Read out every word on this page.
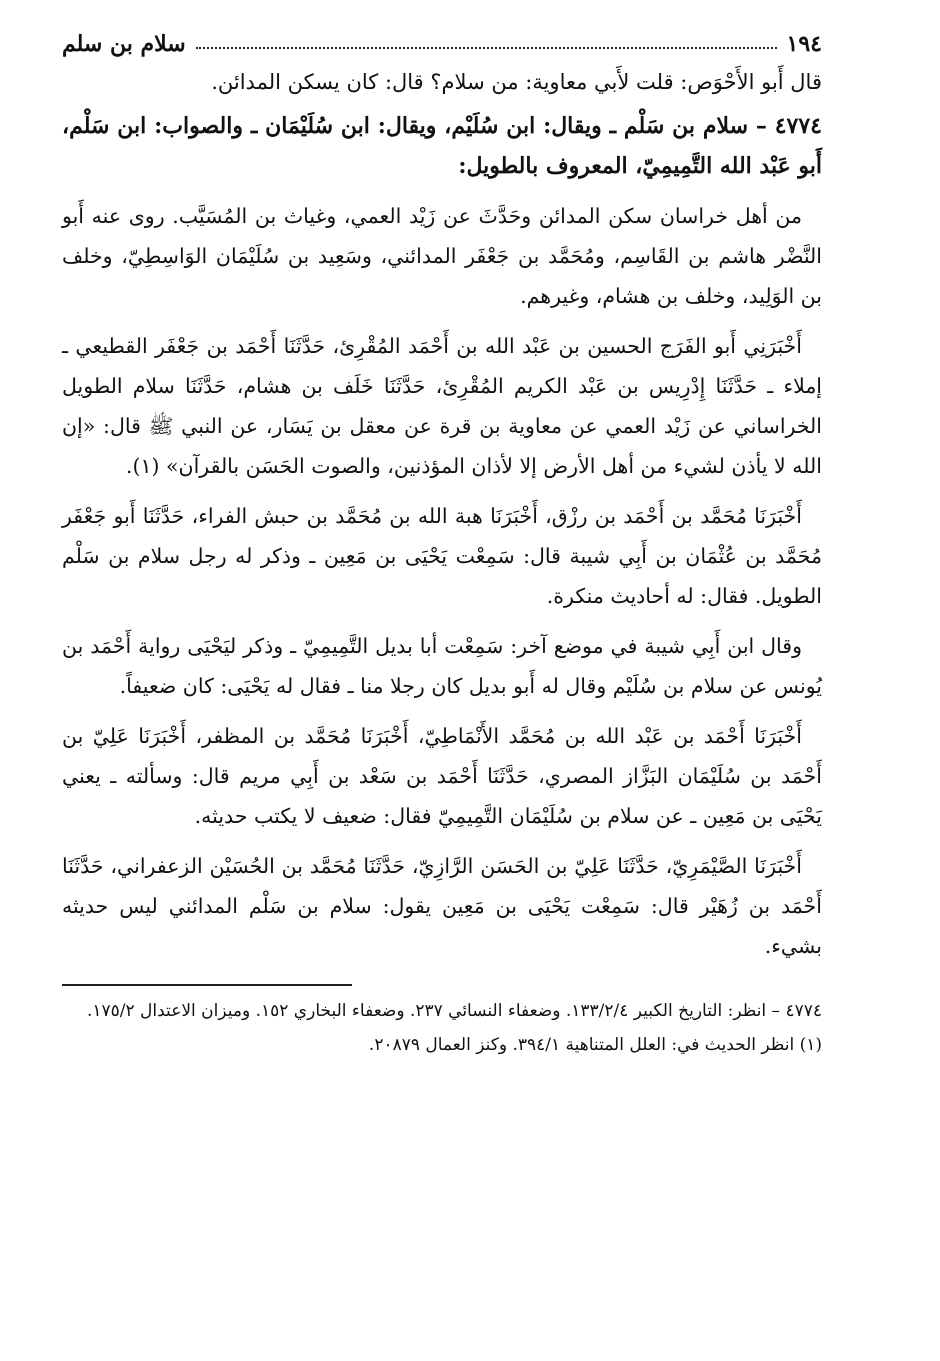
١٩٤
سلام بن سلم

قال أَبو الأَحْوَص: قلت لأَبي معاوية: من سلام؟ قال: كان يسكن المدائن.

٤٧٧٤ – سلام بن سَلْم ـ ويقال: ابن سُلَيْم، ويقال: ابن سُلَيْمَان ـ والصواب: ابن سَلْم، أَبو عَبْد الله التَّمِيمِيّ، المعروف بالطويل:

من أهل خراسان سكن المدائن وحَدَّثَ عن زَيْد العمي، وغياث بن المُسَيَّب. روى عنه أَبو النَّضْر هاشم بن القَاسِم، ومُحَمَّد بن جَعْفَر المدائني، وسَعِيد بن سُلَيْمَان الوَاسِطِيّ، وخلف بن الوَلِيد، وخلف بن هشام، وغيرهم.

أَخْبَرَنِي أَبو الفَرَج الحسين بن عَبْد الله بن أَحْمَد المُقْرِئ، حَدَّثَنَا أَحْمَد بن جَعْفَر القطيعي ـ إملاء ـ حَدَّثَنَا إِدْرِيس بن عَبْد الكريم المُقْرِئ، حَدَّثَنَا خَلَف بن هشام، حَدَّثَنَا سلام الطويل الخراساني عن زَيْد العمي عن معاوية بن قرة عن معقل بن يَسَار، عن النبي ﷺ قال: «إن الله لا يأذن لشيء من أهل الأرض إلا لأذان المؤذنين، والصوت الحَسَن بالقرآن» (١).

أَخْبَرَنَا مُحَمَّد بن أَحْمَد بن رزْق، أَخْبَرَنَا هبة الله بن مُحَمَّد بن حبش الفراء، حَدَّثَنَا أَبو جَعْفَر مُحَمَّد بن عُثْمَان بن أَبِي شيبة قال: سَمِعْت يَحْيَى بن مَعِين ـ وذكر له رجل سلام بن سَلْم الطويل. فقال: له أحاديث منكرة.

وقال ابن أَبِي شيبة في موضع آخر: سَمِعْت أبا بديل التَّمِيمِيّ ـ وذكر ليَحْيَى رواية أَحْمَد بن يُونس عن سلام بن سُلَيْم وقال له أَبو بديل كان رجلا منا ـ فقال له يَحْيَى: كان ضعيفاً.

أَخْبَرَنَا أَحْمَد بن عَبْد الله بن مُحَمَّد الأَنْمَاطِيّ، أَخْبَرَنَا مُحَمَّد بن المظفر، أَخْبَرَنَا عَلِيّ بن أَحْمَد بن سُلَيْمَان البَزَّاز المصري، حَدَّثَنَا أَحْمَد بن سَعْد بن أَبِي مريم قال: وسألته ـ يعني يَحْيَى بن مَعِين ـ عن سلام بن سُلَيْمَان التَّمِيمِيّ فقال: ضعيف لا يكتب حديثه.

أَخْبَرَنَا الصَّيْمَرِيّ، حَدَّثَنَا عَلِيّ بن الحَسَن الرَّازِيّ، حَدَّثَنَا مُحَمَّد بن الحُسَيْن الزعفراني، حَدَّثَنَا أَحْمَد بن زُهَيْر قال: سَمِعْت يَحْيَى بن مَعِين يقول: سلام بن سَلْم المدائني ليس حديثه بشيء.

٤٧٧٤ – انظر: التاريخ الكبير ١٣٣/٢/٤. وضعفاء النسائي ٢٣٧. وضعفاء البخاري ١٥٢. وميزان الاعتدال ١٧٥/٢.

(١) انظر الحديث في: العلل المتناهية ٣٩٤/١. وكنز العمال ٢٠٨٧٩.
